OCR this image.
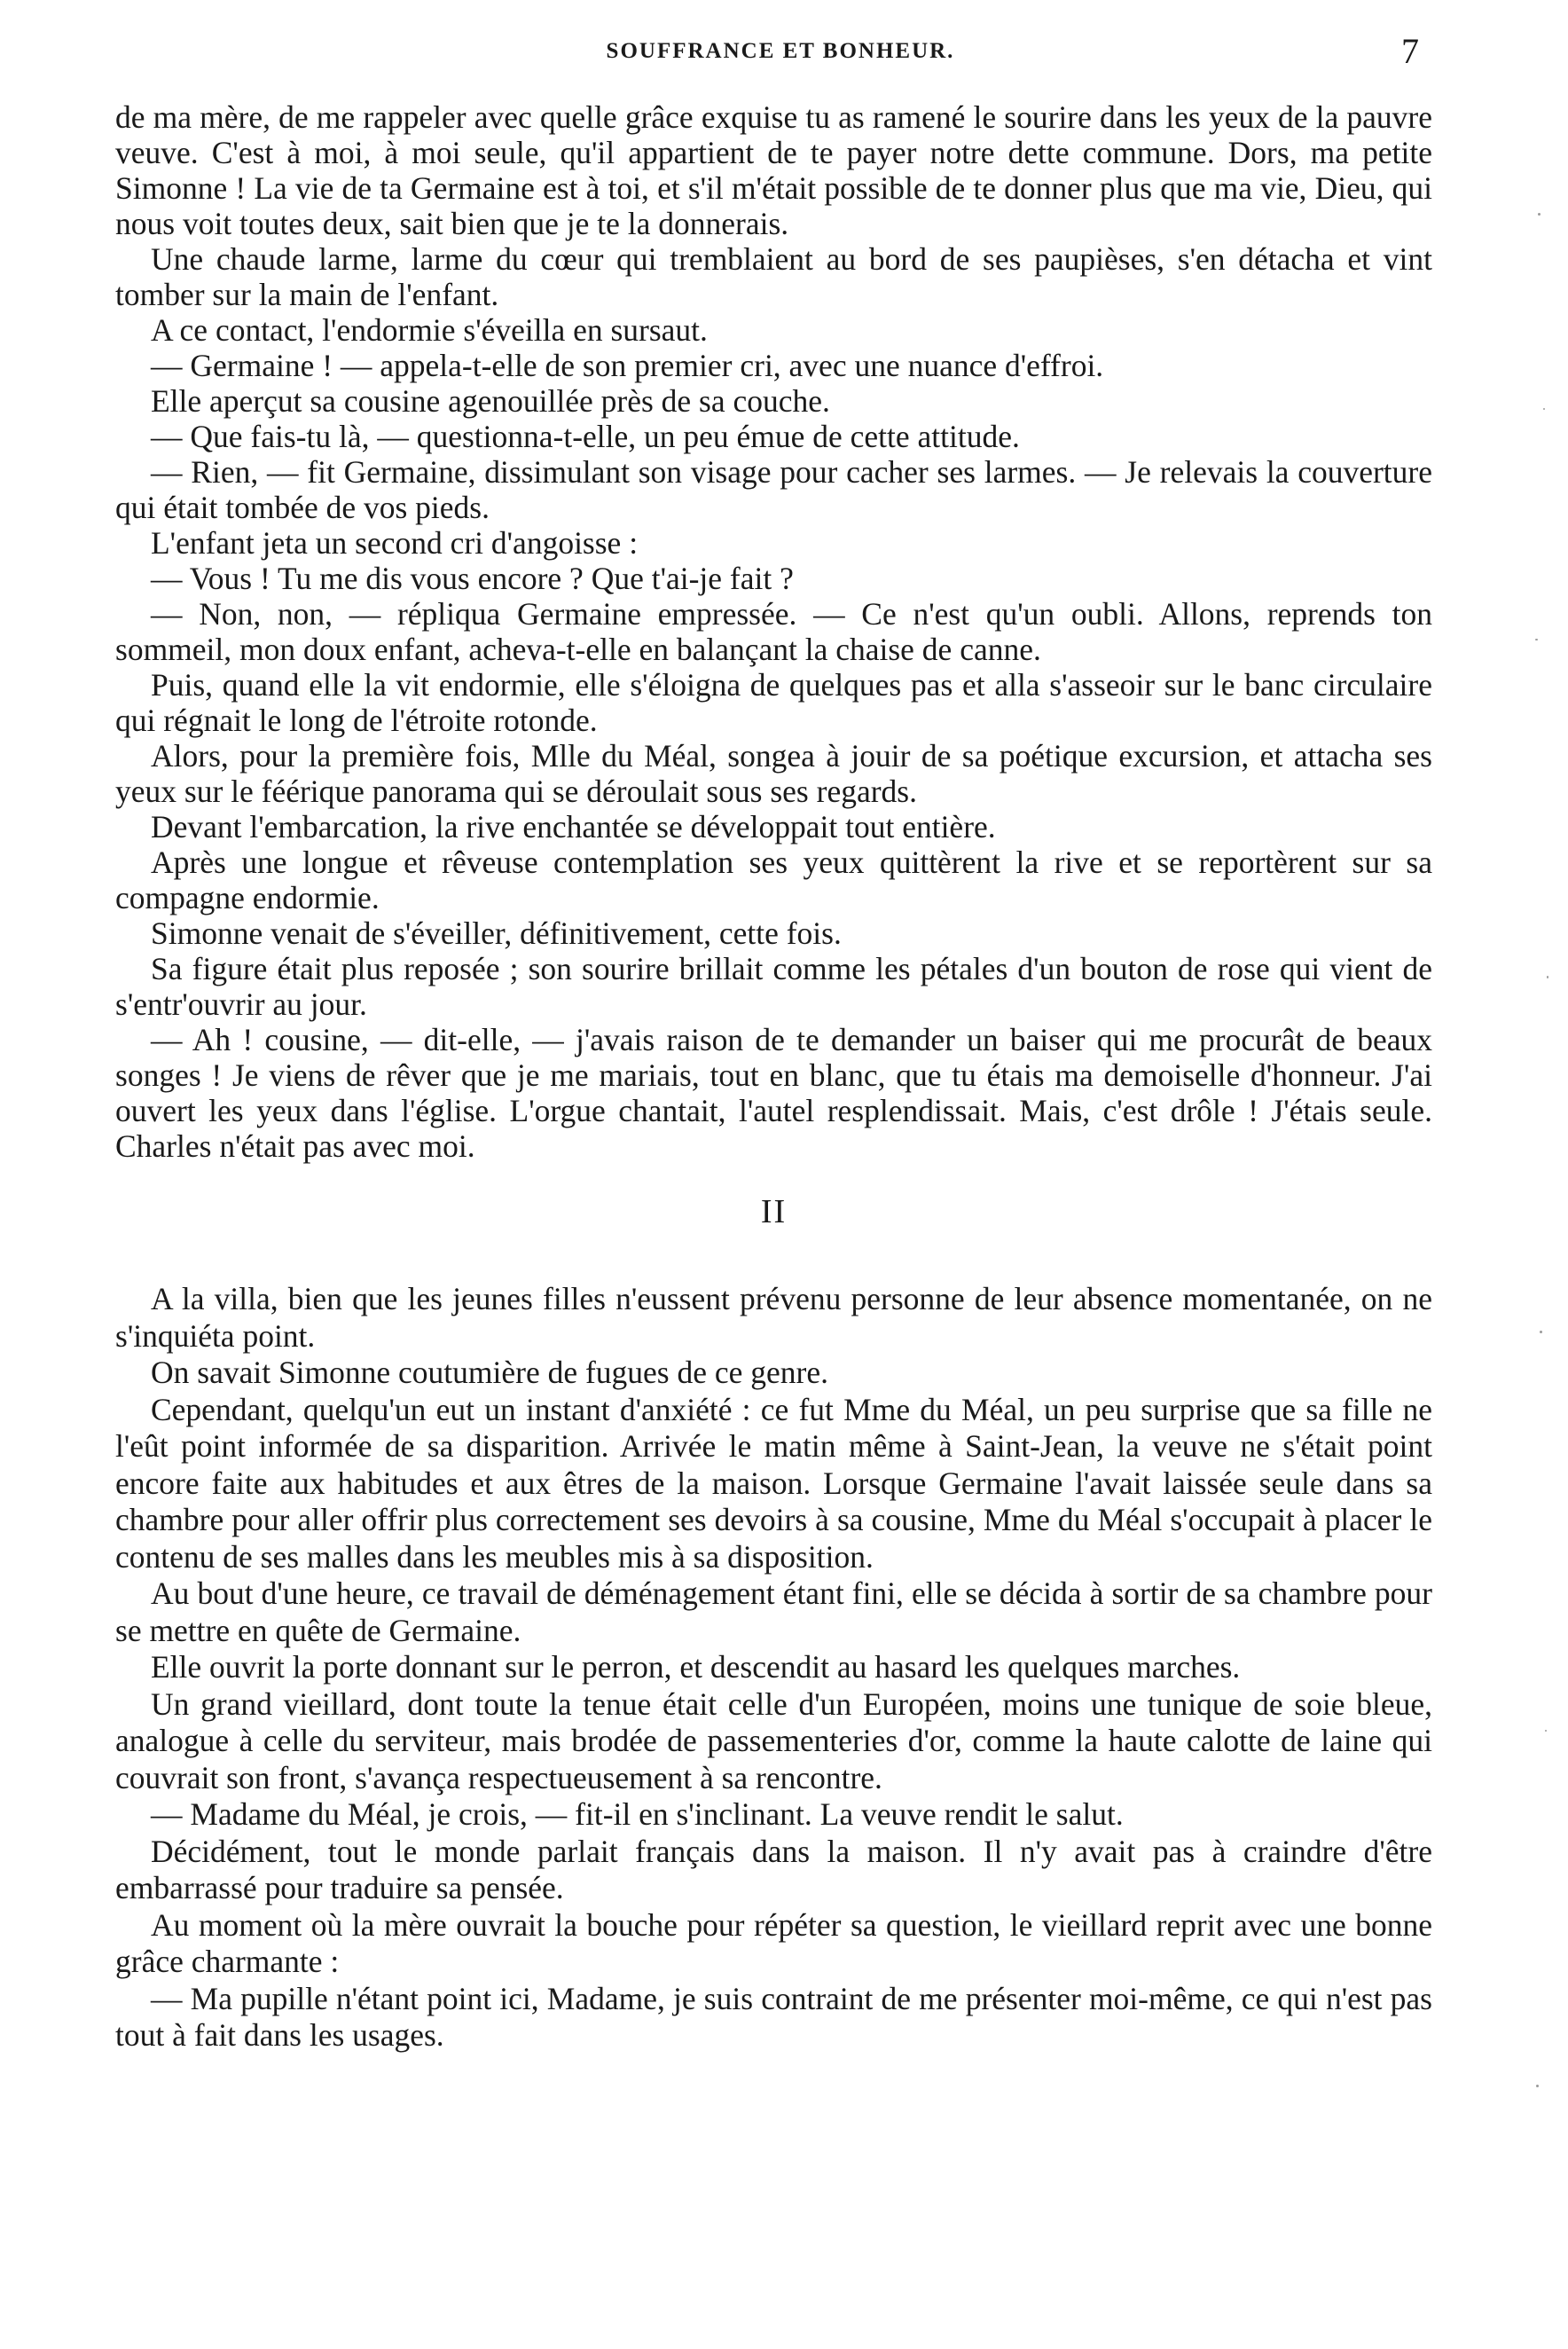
SOUFFRANCE ET BONHEUR.	7

de ma mère, de me rappeler avec quelle grâce exquise tu as ramené le sourire dans les yeux de la pauvre veuve. C'est à moi, à moi seule, qu'il appartient de te payer notre dette commune. Dors, ma petite Simonne ! La vie de ta Germaine est à toi, et s'il m'était possible de te donner plus que ma vie, Dieu, qui nous voit toutes deux, sait bien que je te la donnerais.

Une chaude larme, larme du cœur qui tremblaient au bord de ses paupièses, s'en détacha et vint tomber sur la main de l'enfant.

A ce contact, l'endormie s'éveilla en sursaut.

— Germaine ! — appela-t-elle de son premier cri, avec une nuance d'effroi.

Elle aperçut sa cousine agenouillée près de sa couche.

— Que fais-tu là, — questionna-t-elle, un peu émue de cette attitude.

— Rien, — fit Germaine, dissimulant son visage pour cacher ses larmes. — Je relevais la couverture qui était tombée de vos pieds.

L'enfant jeta un second cri d'angoisse :

— Vous ! Tu me dis vous encore ? Que t'ai-je fait ?

— Non, non, — répliqua Germaine empressée. — Ce n'est qu'un oubli. Allons, reprends ton sommeil, mon doux enfant, acheva-t-elle en balançant la chaise de canne.

Puis, quand elle la vit endormie, elle s'éloigna de quelques pas et alla s'asseoir sur le banc circulaire qui régnait le long de l'étroite rotonde.

Alors, pour la première fois, Mlle du Méal, songea à jouir de sa poétique excursion, et attacha ses yeux sur le féérique panorama qui se déroulait sous ses regards.

Devant l'embarcation, la rive enchantée se développait tout entière.

Après une longue et rêveuse contemplation ses yeux quittèrent la rive et se reportèrent sur sa compagne endormie.

Simonne venait de s'éveiller, définitivement, cette fois.

Sa figure était plus reposée ; son sourire brillait comme les pétales d'un bouton de rose qui vient de s'entr'ouvrir au jour.

— Ah ! cousine, — dit-elle, — j'avais raison de te demander un baiser qui me procurât de beaux songes ! Je viens de rêver que je me mariais, tout en blanc, que tu étais ma demoiselle d'honneur. J'ai ouvert les yeux dans l'église. L'orgue chantait, l'autel resplendissait. Mais, c'est drôle ! J'étais seule. Charles n'était pas avec moi.

II

A la villa, bien que les jeunes filles n'eussent prévenu personne de leur absence momentanée, on ne s'inquiéta point.

On savait Simonne coutumière de fugues de ce genre.

Cependant, quelqu'un eut un instant d'anxiété : ce fut Mme du Méal, un peu surprise que sa fille ne l'eût point informée de sa disparition. Arrivée le matin même à Saint-Jean, la veuve ne s'était point encore faite aux habitudes et aux êtres de la maison. Lorsque Germaine l'avait laissée seule dans sa chambre pour aller offrir plus correctement ses devoirs à sa cousine, Mme du Méal s'occupait à placer le contenu de ses malles dans les meubles mis à sa disposition.

Au bout d'une heure, ce travail de déménagement étant fini, elle se décida à sortir de sa chambre pour se mettre en quête de Germaine.

Elle ouvrit la porte donnant sur le perron, et descendit au hasard les quelques marches.

Un grand vieillard, dont toute la tenue était celle d'un Européen, moins une tunique de soie bleue, analogue à celle du serviteur, mais brodée de passementeries d'or, comme la haute calotte de laine qui couvrait son front, s'avança respectueusement à sa rencontre.

— Madame du Méal, je crois, — fit-il en s'inclinant. La veuve rendit le salut.

Décidément, tout le monde parlait français dans la maison. Il n'y avait pas à craindre d'être embarrassé pour traduire sa pensée.

Au moment où la mère ouvrait la bouche pour répéter sa question, le vieillard reprit avec une bonne grâce charmante :

— Ma pupille n'étant point ici, Madame, je suis contraint de me présenter moi-même, ce qui n'est pas tout à fait dans les usages.
